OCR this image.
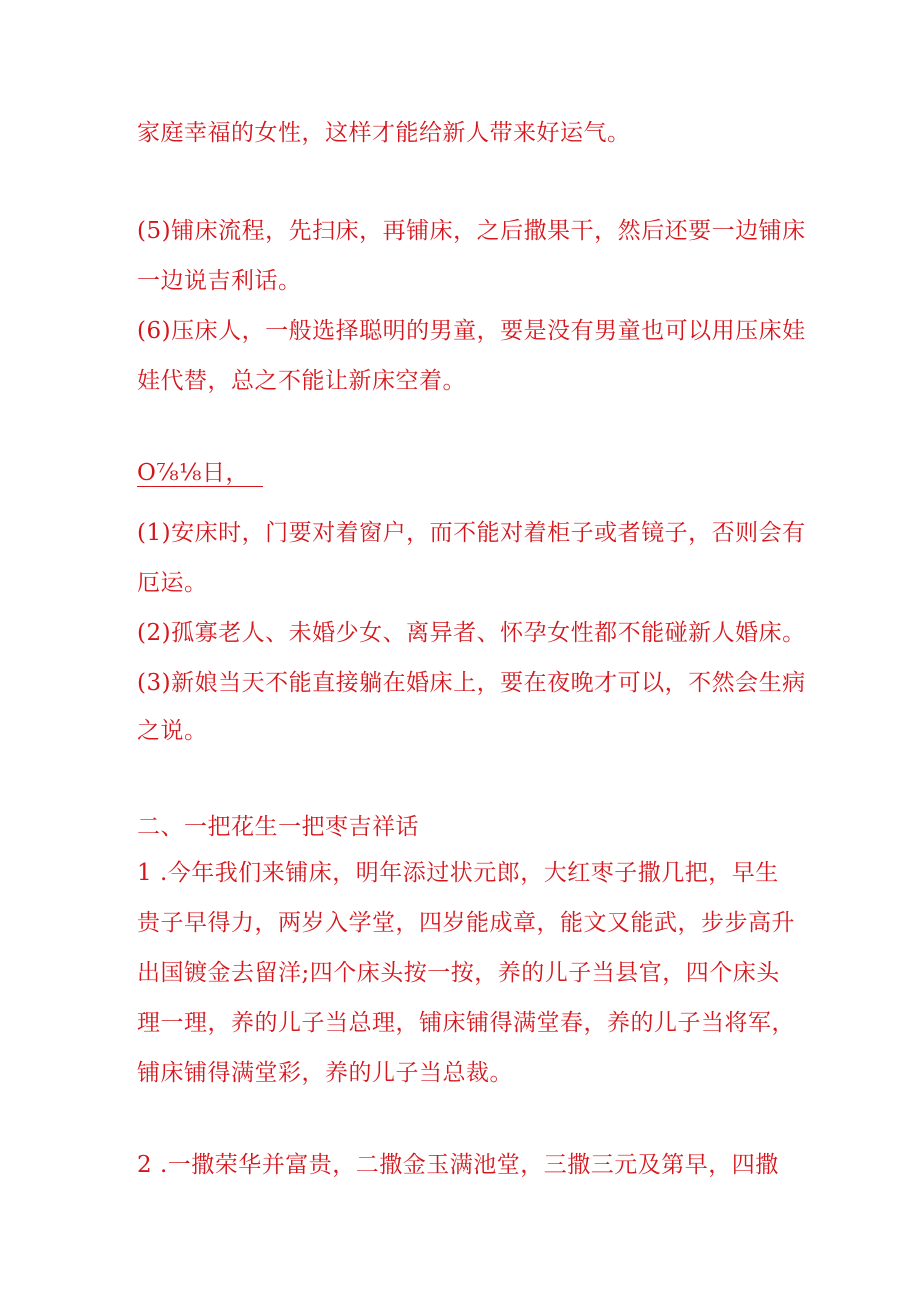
家庭幸福的女性，这样才能给新人带来好运气。

(5)铺床流程，先扫床，再铺床，之后撒果干，然后还要一边铺床

一边说吉利话。

(6)压床人，一般选择聪明的男童，要是没有男童也可以用压床娃

娃代替，总之不能让新床空着。

O⅞⅛日，

(1)安床时，门要对着窗户，而不能对着柜子或者镜子，否则会有

厄运。

(2)孤寡老人、未婚少女、离异者、怀孕女性都不能碰新人婚床。

(3)新娘当天不能直接躺在婚床上，要在夜晚才可以，不然会生病

之说。

二、一把花生一把枣吉祥话

1 .今年我们来铺床，明年添过状元郎，大红枣子撒几把，早生

贵子早得力，两岁入学堂，四岁能成章，能文又能武，步步高升

出国镀金去留洋;四个床头按一按，养的儿子当县官，四个床头

理一理，养的儿子当总理，铺床铺得满堂春，养的儿子当将军，

铺床铺得满堂彩，养的儿子当总裁。

2 .一撒荣华并富贵，二撒金玉满池堂，三撒三元及第早，四撒
